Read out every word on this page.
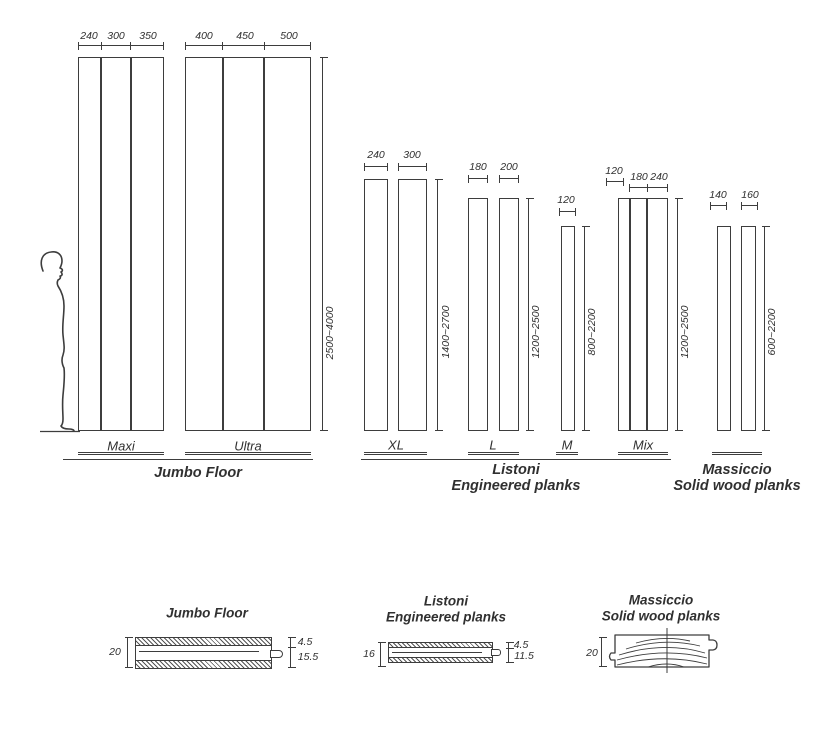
240 300 350	400 450	500
2500~4000
Maxi	Ultra
Jumbo Floor
240 300
1400~2700
180 200
1200~2500
120
800~2200
120 180 240
1200~2500
XL	L	M	Mix
Listoni
Engineered planks
140 160
600~2200
Massiccio
Solid wood planks
Jumbo Floor
20
4.5
15.5
Listoni
Engineered planks
16
4.5
11.5
Massiccio
Solid wood planks
20
